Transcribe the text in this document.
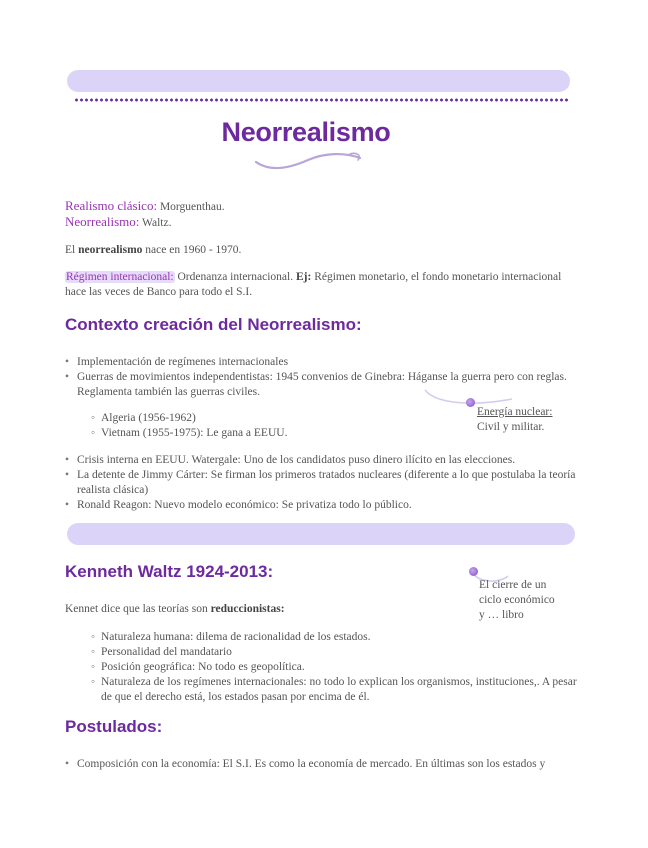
Neorrealismo
Realismo clásico: Morguenthau.
Neorrealismo: Waltz.
El neorrealismo nace en 1960 - 1970.
Régimen internacional: Ordenanza internacional. Ej: Régimen monetario, el fondo monetario internacional hace las veces de Banco para todo el S.I.
Contexto creación del Neorrealismo:
• Implementación de regímenes internacionales
• Guerras de movimientos independentistas: 1945 convenios de Ginebra: Háganse la guerra pero con reglas. Reglamenta también las guerras civiles.
◦ Algeria (1956-1962)
◦ Vietnam (1955-1975): Le gana a EEUU.
• Crisis interna en EEUU. Watergale: Uno de los candidatos puso dinero ilícito en las elecciones.
• La detente de Jimmy Cárter: Se firman los primeros tratados nucleares (diferente a lo que postulaba la teoría realista clásica)
• Ronald Reagon: Nuevo modelo económico: Se privatiza todo lo público.
Energía nuclear:
Civil y militar.
Kenneth Waltz 1924-2013:
El cierre de un
ciclo económico
y … libro
Kennet dice que las teorías son reduccionistas:
◦ Naturaleza humana: dilema de racionalidad de los estados.
◦ Personalidad del mandatario
◦ Posición geográfica: No todo es geopolítica.
◦ Naturaleza de los regímenes internacionales: no todo lo explican los organismos, instituciones,. A pesar de que el derecho está, los estados pasan por encima de él.
Postulados:
• Composición con la economía: El S.I. Es como la economía de mercado. En últimas son los estados y
